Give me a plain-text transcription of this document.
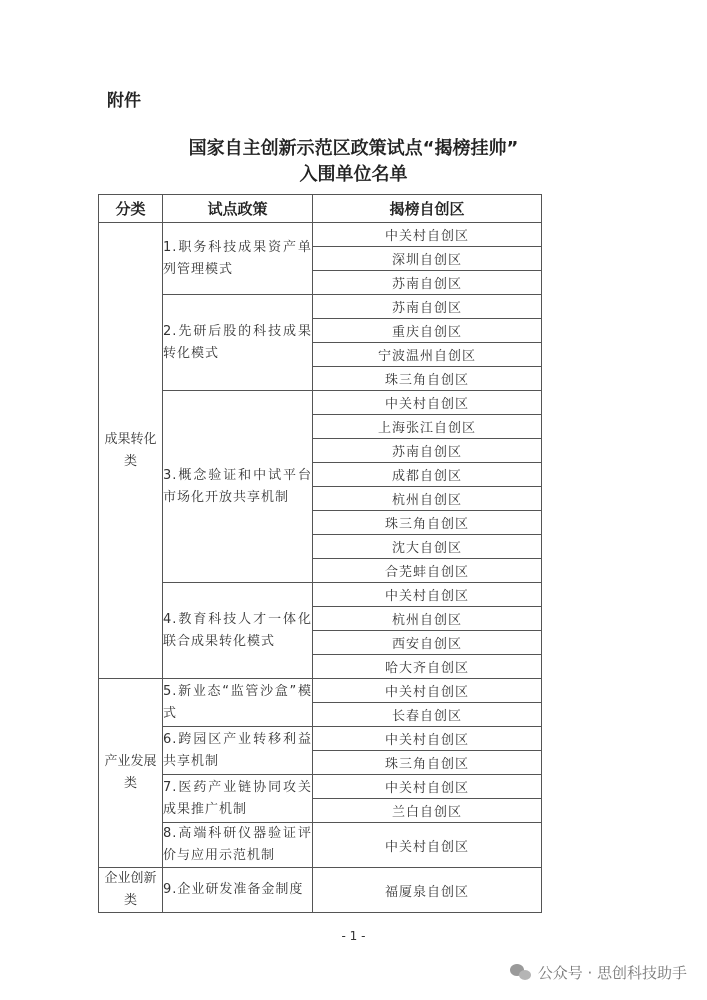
附件
国家自主创新示范区政策试点“揭榜挂帅”
入围单位名单
分类	试点政策	揭榜自创区
成果转化类	1.职务科技成果资产单列管理模式	中关村自创区
		深圳自创区
		苏南自创区
	2.先研后股的科技成果转化模式	苏南自创区
		重庆自创区
		宁波温州自创区
		珠三角自创区
	3.概念验证和中试平台市场化开放共享机制	中关村自创区
		上海张江自创区
		苏南自创区
		成都自创区
		杭州自创区
		珠三角自创区
		沈大自创区
		合芜蚌自创区
	4.教育科技人才一体化联合成果转化模式	中关村自创区
		杭州自创区
		西安自创区
		哈大齐自创区
产业发展类	5.新业态“监管沙盒”模式	中关村自创区
		长春自创区
	6.跨园区产业转移利益共享机制	中关村自创区
		珠三角自创区
	7.医药产业链协同攻关成果推广机制	中关村自创区
		兰白自创区
	8.高端科研仪器验证评价与应用示范机制	中关村自创区
企业创新类	9.企业研发准备金制度	福厦泉自创区
- 1 -
公众号 · 思创科技助手
